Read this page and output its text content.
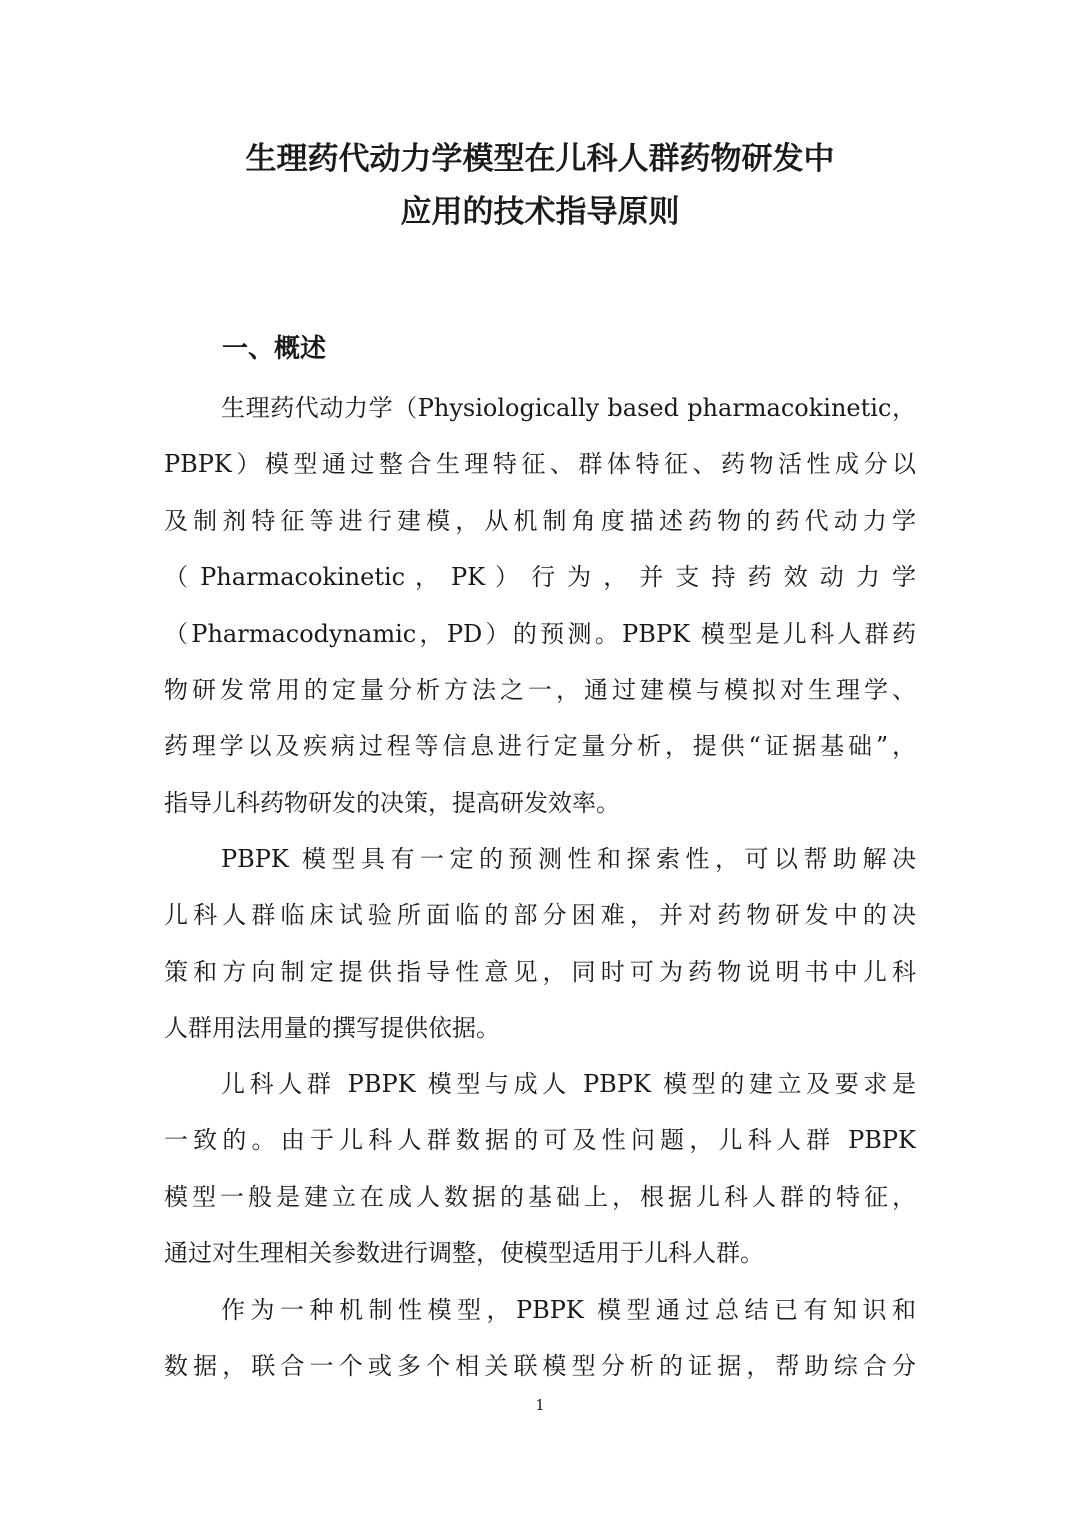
生理药代动力学模型在儿科人群药物研发中
应用的技术指导原则
一、概述
生理药代动力学（Physiologically based pharmacokinetic，
PBPK）模型通过整合生理特征、群体特征、药物活性成分以
及制剂特征等进行建模，从机制角度描述药物的药代动力学
（ Pharmacokinetic ， PK ） 行 为 ， 并 支 持 药 效 动 力 学
（Pharmacodynamic，PD）的预测。PBPK 模型是儿科人群药
物研发常用的定量分析方法之一，通过建模与模拟对生理学、
药理学以及疾病过程等信息进行定量分析，提供“证据基础”，
指导儿科药物研发的决策，提高研发效率。
PBPK 模型具有一定的预测性和探索性，可以帮助解决
儿科人群临床试验所面临的部分困难，并对药物研发中的决
策和方向制定提供指导性意见，同时可为药物说明书中儿科
人群用法用量的撰写提供依据。
儿科人群 PBPK 模型与成人 PBPK 模型的建立及要求是
一致的。由于儿科人群数据的可及性问题，儿科人群 PBPK
模型一般是建立在成人数据的基础上，根据儿科人群的特征，
通过对生理相关参数进行调整，使模型适用于儿科人群。
作为一种机制性模型，PBPK 模型通过总结已有知识和
数据，联合一个或多个相关联模型分析的证据，帮助综合分
1
